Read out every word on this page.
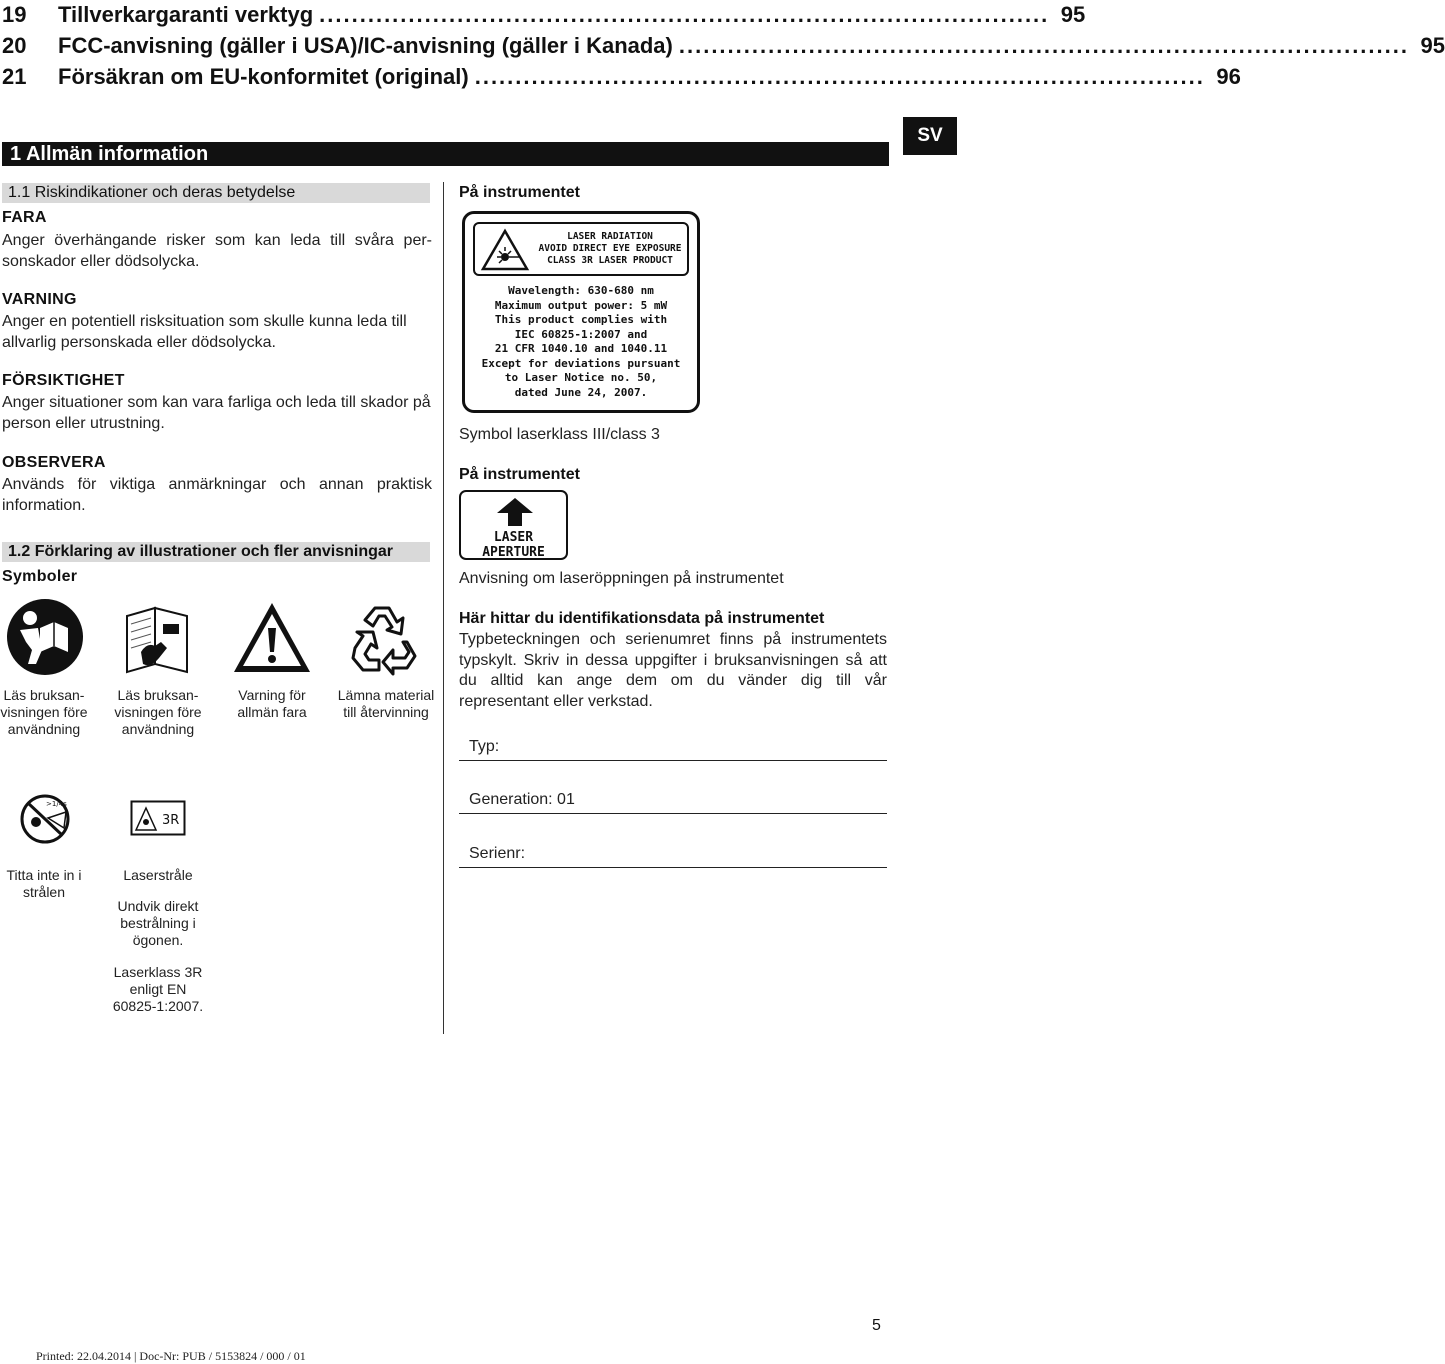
19	Tillverkargaranti verktyg .......................................................................................... 95
20	FCC-anvisning (gäller i USA)/IC-anvisning (gäller i Kanada) .......................................................................................... 95
21	Försäkran om EU-konformitet (original) .......................................................................................... 96
SV
1 Allmän information
1.1 Riskindikationer och deras betydelse
FARA
Anger överhängande risker som kan leda till svåra personskador eller dödsolycka.
VARNING
Anger en potentiell risksituation som skulle kunna leda till allvarlig personskada eller dödsolycka.
FÖRSIKTIGHET
Anger situationer som kan vara farliga och leda till skador på person eller utrustning.
OBSERVERA
Används för viktiga anmärkningar och annan praktisk information.
1.2 Förklaring av illustrationer och fler anvisningar
Symboler
Läs bruksanvisningen före användning
Läs bruksanvisningen före användning
Varning för allmän fara
Lämna material till återvinning
>1/4s
Titta inte in i strålen
3R
Laserstråle
Undvik direkt bestrålning i ögonen.
Laserklass 3R enligt EN 60825-1:2007.
På instrumentet
LASER RADIATION
AVOID DIRECT EYE EXPOSURE
CLASS 3R LASER PRODUCT
Wavelength: 630-680 nm
Maximum output power: 5 mW
This product complies with
IEC 60825-1:2007 and
21 CFR 1040.10 and 1040.11
Except for deviations pursuant
to Laser Notice no. 50,
dated June 24, 2007.
Symbol laserklass III/class 3
På instrumentet
LASER APERTURE
Anvisning om laseröppningen på instrumentet
Här hittar du identifikationsdata på instrumentet
Typbeteckningen och serienumret finns på instrumentets typskylt. Skriv in dessa uppgifter i bruksanvisningen så att du alltid kan ange dem om du vänder dig till vår representant eller verkstad.
Typ:
Generation: 01
Serienr:
5
Printed: 22.04.2014 | Doc-Nr: PUB / 5153824 / 000 / 01
